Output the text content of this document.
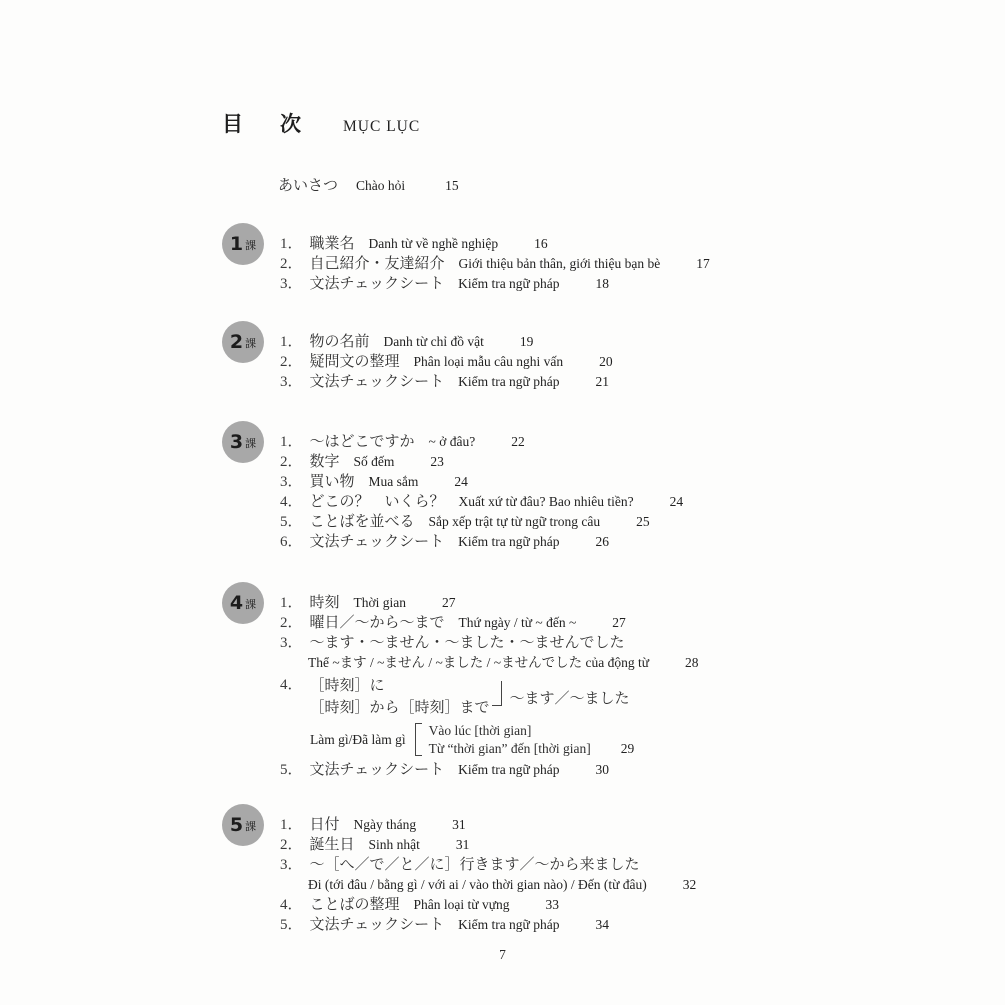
目　次 MỤC LỤC
あいさつ Chào hỏi	15
1 課 1． 職業名 Danh từ về nghề nghiệp	16
2． 自己紹介・友達紹介 Giới thiệu bản thân, giới thiệu bạn bè	17
3． 文法チェックシート Kiểm tra ngữ pháp	18
2 課 1． 物の名前 Danh từ chỉ đồ vật	19
2． 疑問文の整理 Phân loại mẫu câu nghi vấn	20
3． 文法チェックシート Kiểm tra ngữ pháp	21
3 課 1． ～はどこですか ~ ở đâu?	22
2． 数字 Số đếm	23
3． 買い物 Mua sắm	24
4． どこの？　いくら？ Xuất xứ từ đâu? Bao nhiêu tiền?	24
5． ことばを並べる Sắp xếp trật tự từ ngữ trong câu	25
6． 文法チェックシート Kiểm tra ngữ pháp	26
4 課 1． 時刻 Thời gian	27
2． 曜日／～から～まで Thứ ngày / từ ~ đến ~	27
3． ～ます・～ません・～ました・～ませんでした
Thể ~ます / ~ません / ~ました / ~ませんでした của động từ	28
4． ［時刻］に
［時刻］から［時刻］まで
～ます／～ました
Làm gì/Đã làm gì
Vào lúc [thời gian]
Từ “thời gian” đến [thời gian] 29
5． 文法チェックシート Kiểm tra ngữ pháp	30
5 課 1． 日付 Ngày tháng	31
2． 誕生日 Sinh nhật	31
3． ～［へ／で／と／に］行きます／～から来ました
Đi (tới đâu / bằng gì / với ai / vào thời gian nào) / Đến (từ đâu)	32
4． ことばの整理 Phân loại từ vựng	33
5． 文法チェックシート Kiểm tra ngữ pháp	34
7
